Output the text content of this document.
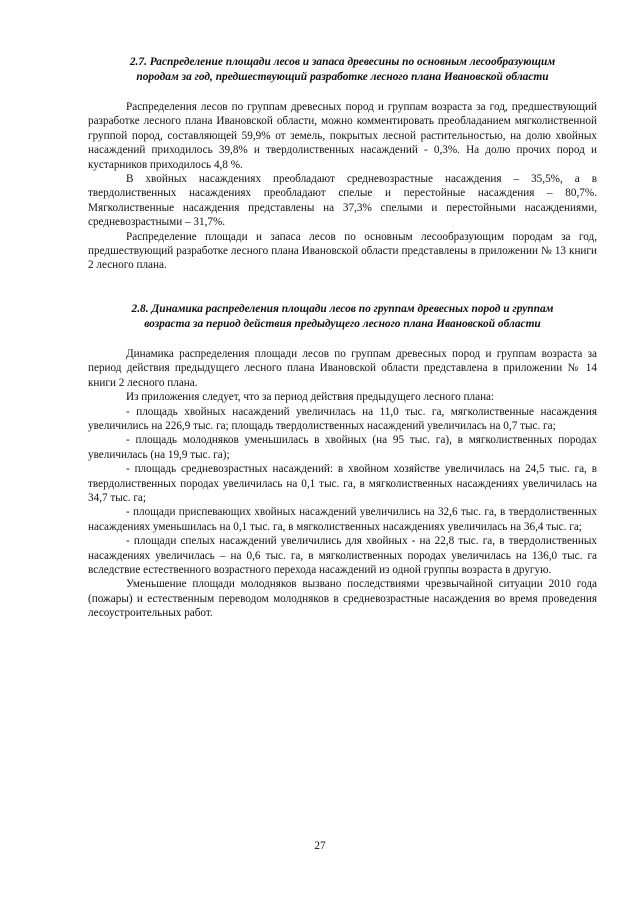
2.7. Распределение площади лесов и запаса древесины по основным лесообразующим
породам за год, предшествующий разработке лесного плана Ивановской области

Распределения лесов по группам древесных пород и группам возраста за год, предшествующий разработке лесного плана Ивановской области, можно комментировать преобладанием мягколиственной группой пород, составляющей 59,9% от земель, покрытых лесной растительностью, на долю хвойных насаждений приходилось 39,8% и твердолиственных насаждений - 0,3%. На долю прочих пород и кустарников приходилось 4,8 %.

В хвойных насаждениях преобладают средневозрастные насаждения – 35,5%, а в твердолиственных насаждениях преобладают спелые и перестойные насаждения – 80,7%. Мягколиственные насаждения представлены на 37,3% спелыми и перестойными насаждениями, средневозрастными – 31,7%.

Распределение площади и запаса лесов по основным лесообразующим породам за год, предшествующий разработке лесного плана Ивановской области представлены в приложении № 13 книги 2 лесного плана.

2.8. Динамика распределения площади лесов по группам древесных пород и группам
возраста за период действия предыдущего лесного плана Ивановской области

Динамика распределения площади лесов по группам древесных пород и группам возраста за период действия предыдущего лесного плана Ивановской области представлена в приложении № 14 книги 2 лесного плана.

Из приложения следует, что за период действия предыдущего лесного плана:

- площадь хвойных насаждений увеличилась на 11,0 тыс. га, мягколиственные насаждения увеличились на 226,9 тыс. га; площадь твердолиственных насаждений увеличилась на 0,7 тыс. га;

- площадь молодняков уменьшилась в хвойных (на 95 тыс. га), в мягколиственных породах увеличилась (на 19,9 тыс. га);

- площадь средневозрастных насаждений: в хвойном хозяйстве увеличилась на 24,5 тыс. га, в твердолиственных породах увеличилась на 0,1 тыс. га, в мягколиственных насаждениях увеличилась на 34,7 тыс. га;

- площади приспевающих хвойных насаждений увеличились на 32,6 тыс. га, в твердолиственных насаждениях уменьшилась на 0,1 тыс. га, в мягколиственных насаждениях увеличилась на 36,4 тыс. га;

- площади спелых насаждений увеличились для хвойных - на 22,8 тыс. га, в твердолиственных насаждениях увеличилась – на 0,6 тыс. га, в мягколиственных породах увеличилась на 136,0 тыс. га вследствие естественного возрастного перехода насаждений из одной группы возраста в другую.

Уменьшение площади молодняков вызвано последствиями чрезвычайной ситуации 2010 года (пожары) и естественным переводом молодняков в средневозрастные насаждения во время проведения лесоустроительных работ.

27
